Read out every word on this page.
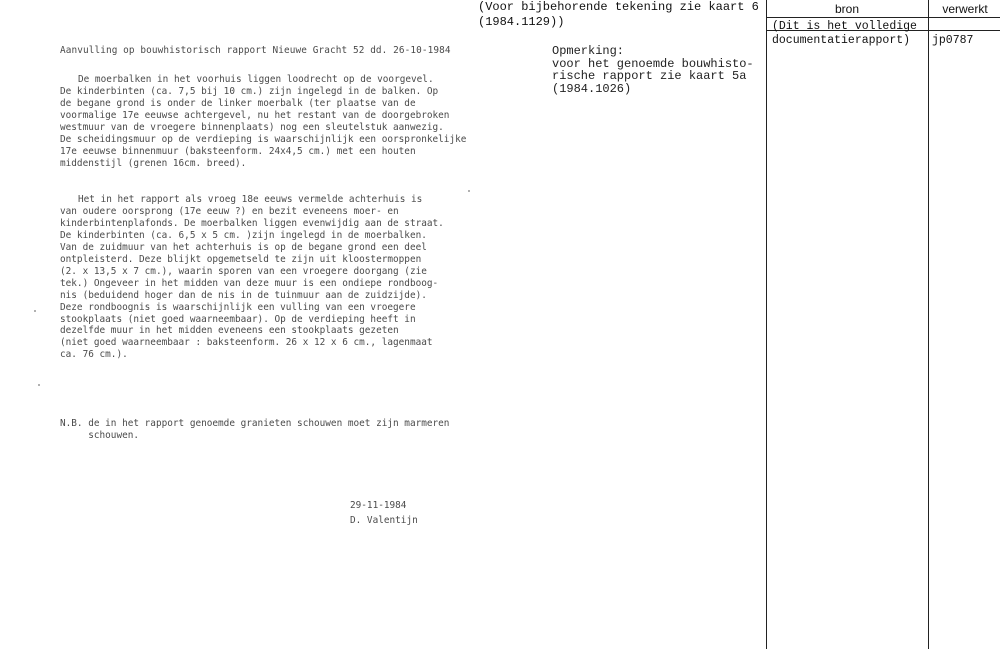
(Voor bijbehorende tekening zie kaart 6
(1984.1129))
bron	verwerkt
(Dit is het volledige
documentatierapport)	jp0787
Aanvulling op bouwhistorisch rapport Nieuwe Gracht 52 dd. 26-10-1984
De moerbalken in het voorhuis liggen loodrecht op de voorgevel.
De kinderbinten (ca. 7,5 bij 10 cm.) zijn ingelegd in de balken. Op
de begane grond is onder de linker moerbalk (ter plaatse van de
voormalige 17e eeuwse achtergevel, nu het restant van de doorgebroken
westmuur van de vroegere binnenplaats) nog een sleutelstuk aanwezig.
De scheidingsmuur op de verdieping is waarschijnlijk een oorspronkelijke
17e eeuwse binnenmuur (baksteenform. 24x4,5 cm.) met een houten
middenstijl (grenen 16cm. breed).
Het in het rapport als vroeg 18e eeuws vermelde achterhuis is
van oudere oorsprong (17e eeuw ?) en bezit eveneens moer- en
kinderbintenplafonds. De moerbalken liggen evenwijdig aan de straat.
De kinderbinten (ca. 6,5 x 5 cm. )zijn ingelegd in de moerbalken.
Van de zuidmuur van het achterhuis is op de begane grond een deel
ontpleisterd. Deze blijkt opgemetseld te zijn uit kloostermoppen
(2. x 13,5 x 7 cm.), waarin sporen van een vroegere doorgang (zie
tek.) Ongeveer in het midden van deze muur is een ondiepe rondboog-
nis (beduidend hoger dan de nis in de tuinmuur aan de zuidzijde).
Deze rondboognis is waarschijnlijk een vulling van een vroegere
stookplaats (niet goed waarneembaar). Op de verdieping heeft in
dezelfde muur in het midden eveneens een stookplaats gezeten
(niet goed waarneembaar : baksteenform. 26 x 12 x 6 cm., lagenmaat
ca. 76 cm.).
N.B. de in het rapport genoemde granieten schouwen moet zijn marmeren
schouwen.
29-11-1984
D. Valentijn
Opmerking:
voor het genoemde bouwhisto-
rische rapport zie kaart 5a
(1984.1026)
